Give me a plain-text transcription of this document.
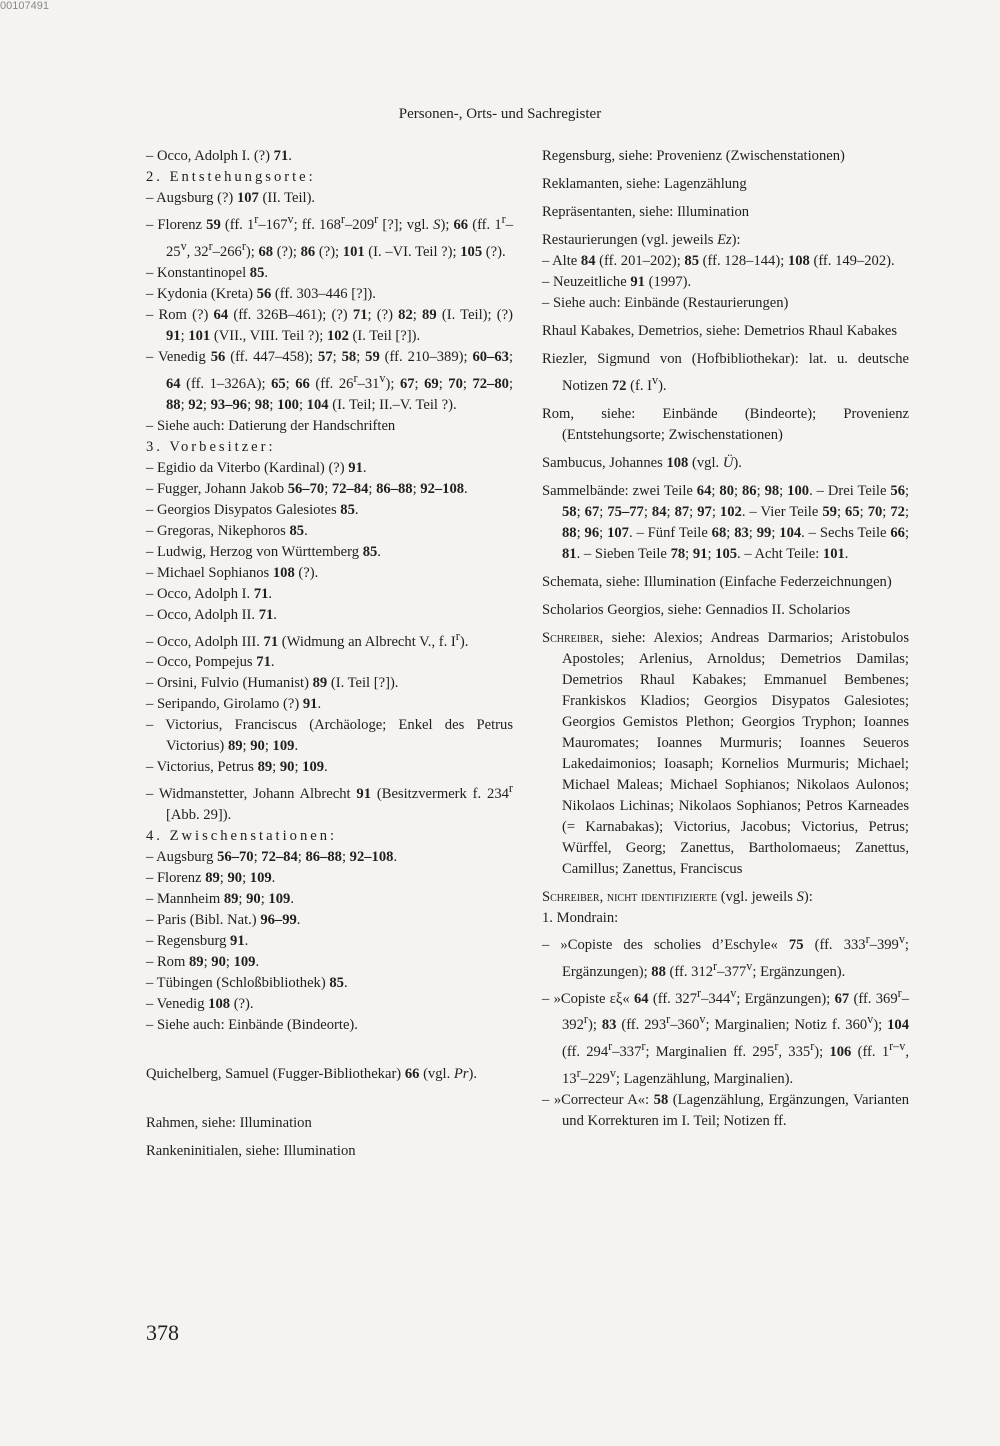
00107491
Personen-, Orts- und Sachregister
– Occo, Adolph I. (?) 71.
2. Entstehungsorte:
– Augsburg (?) 107 (II. Teil).
– Florenz 59 (ff. 1$^r$–167$^v$; ff. 168$^r$–209$^r$ [?]; vgl. S); 66 (ff. 1$^r$–25$^v$, 32$^r$–266$^r$); 68 (?); 86 (?); 101 (I. –VI. Teil ?); 105 (?).
– Konstantinopel 85.
– Kydonia (Kreta) 56 (ff. 303–446 [?]).
– Rom (?) 64 (ff. 326B–461); (?) 71; (?) 82; 89 (I. Teil); (?) 91; 101 (VII., VIII. Teil ?); 102 (I. Teil [?]).
– Venedig 56 (ff. 447–458); 57; 58; 59 (ff. 210–389); 60–63; 64 (ff. 1–326A); 65; 66 (ff. 26$^r$–31$^v$); 67; 69; 70; 72–80; 88; 92; 93–96; 98; 100; 104 (I. Teil; II.–V. Teil ?).
– Siehe auch: Datierung der Handschriften
3. Vorbesitzer:
– Egidio da Viterbo (Kardinal) (?) 91.
– Fugger, Johann Jakob 56–70; 72–84; 86–88; 92–108.
– Georgios Disypatos Galesiotes 85.
– Gregoras, Nikephoros 85.
– Ludwig, Herzog von Württemberg 85.
– Michael Sophianos 108 (?).
– Occo, Adolph I. 71.
– Occo, Adolph II. 71.
– Occo, Adolph III. 71 (Widmung an Albrecht V., f. $I^r$).
– Occo, Pompejus 71.
– Orsini, Fulvio (Humanist) 89 (I. Teil [?]).
– Seripando, Girolamo (?) 91.
– Victorius, Franciscus (Archäologe; Enkel des Petrus Victorius) 89; 90; 109.
– Victorius, Petrus 89; 90; 109.
– Widmanstetter, Johann Albrecht 91 (Besitzvermerk f. 234$^r$ [Abb. 29]).
4. Zwischenstationen:
– Augsburg 56–70; 72–84; 86–88; 92–108.
– Florenz 89; 90; 109.
– Mannheim 89; 90; 109.
– Paris (Bibl. Nat.) 96–99.
– Regensburg 91.
– Rom 89; 90; 109.
– Tübingen (Schloßbibliothek) 85.
– Venedig 108 (?).
– Siehe auch: Einbände (Bindeorte).
Quichelberg, Samuel (Fugger-Bibliothekar) 66 (vgl. Pr).
Rahmen, siehe: Illumination
Rankeninitialen, siehe: Illumination
Regensburg, siehe: Provenienz (Zwischenstationen)
Reklamanten, siehe: Lagenzählung
Repräsentanten, siehe: Illumination
Restaurierungen (vgl. jeweils Ez):
– Alte 84 (ff. 201–202); 85 (ff. 128–144); 108 (ff. 149–202).
– Neuzeitliche 91 (1997).
– Siehe auch: Einbände (Restaurierungen)
Rhaul Kabakes, Demetrios, siehe: Demetrios Rhaul Kabakes
Riezler, Sigmund von (Hofbibliothekar): lat. u. deutsche Notizen 72 (f. $I^v$).
Rom, siehe: Einbände (Bindeorte); Provenienz (Entstehungsorte; Zwischenstationen)
Sambucus, Johannes 108 (vgl. Ü).
Sammelbände: zwei Teile 64; 80; 86; 98; 100. – Drei Teile 56; 58; 67; 75–77; 84; 87; 97; 102. – Vier Teile 59; 65; 70; 72; 88; 96; 107. – Fünf Teile 68; 83; 99; 104. – Sechs Teile 66; 81. – Sieben Teile 78; 91; 105. – Acht Teile: 101.
Schemata, siehe: Illumination (Einfache Federzeichnungen)
Scholarios Georgios, siehe: Gennadios II. Scholarios
Schreiber, siehe: Alexios; Andreas Darmarios; Aristobulos Apostoles; Arlenius, Arnoldus; Demetrios Damilas; Demetrios Rhaul Kabakes; Emmanuel Bembenes; Frankiskos Kladios; Georgios Disypatos Galesiotes; Georgios Gemistos Plethon; Georgios Tryphon; Ioannes Mauromates; Ioannes Murmuris; Ioannes Seueros Lakedaimonios; Ioasaph; Kornelios Murmuris; Michael; Michael Maleas; Michael Sophianos; Nikolaos Aulonos; Nikolaos Lichinas; Nikolaos Sophianos; Petros Karneades (= Karnabakas); Victorius, Jacobus; Victorius, Petrus; Würffel, Georg; Zanettus, Bartholomaeus; Zanettus, Camillus; Zanettus, Franciscus
Schreiber, nicht identifizierte (vgl. jeweils S):
1. Mondrain:
– »Copiste des scholies d’Eschyle« 75 (ff. 333$^r$–399$^v$; Ergänzungen); 88 (ff. 312$^r$–377$^v$; Ergänzungen).
– »Copiste εξ« 64 (ff. 327$^r$–344$^v$; Ergänzungen); 67 (ff. 369$^r$–392$^r$); 83 (ff. 293$^r$–360$^v$; Marginalien; Notiz f. 360$^v$); 104 (ff. 294$^r$–337$^r$; Marginalien ff. 295$^r$, 335$^r$); 106 (ff. 1$^{r-v}$, 13$^r$–229$^v$; Lagenzählung, Marginalien).
– »Correcteur A«: 58 (Lagenzählung, Ergänzungen, Varianten und Korrekturen im I. Teil; Notizen ff.
378
